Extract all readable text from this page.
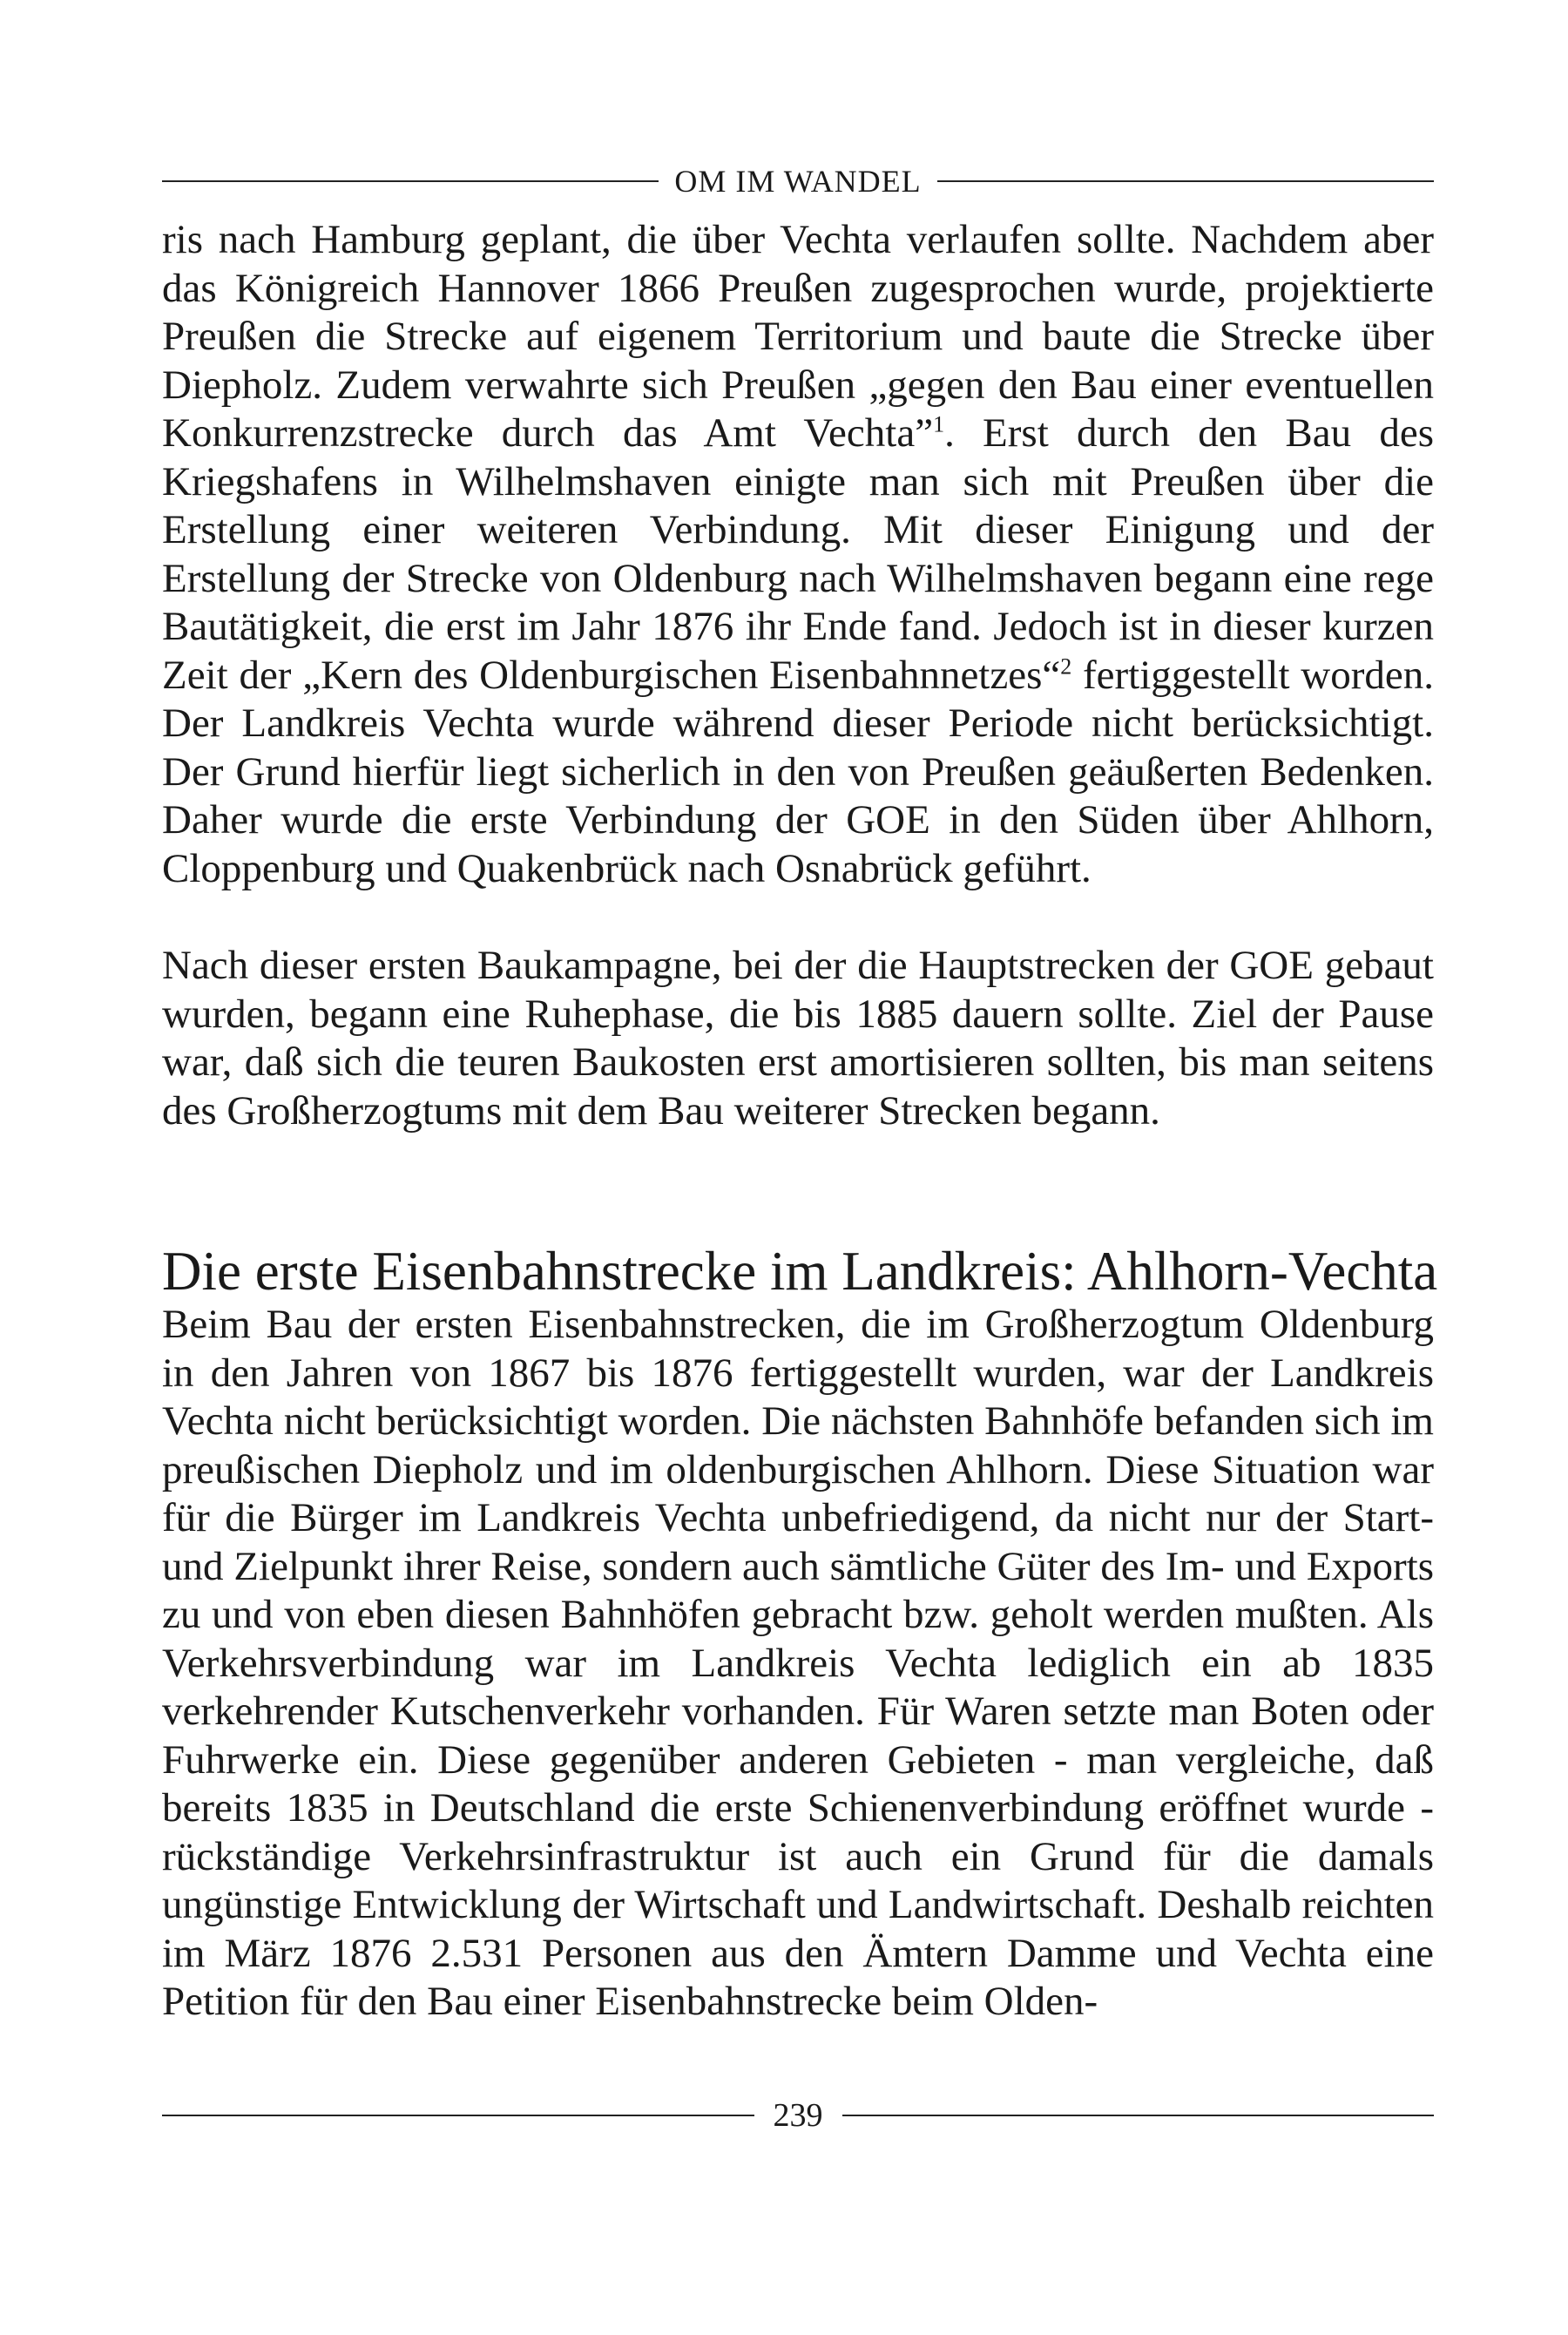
OM IM WANDEL

ris nach Hamburg geplant, die über Vechta verlaufen sollte. Nachdem aber das Königreich Hannover 1866 Preußen zugesprochen wurde, projektierte Preußen die Strecke auf eigenem Territorium und baute die Strecke über Diepholz. Zudem verwahrte sich Preußen „gegen den Bau einer eventuellen Konkurrenzstrecke durch das Amt Vechta”$^1$. Erst durch den Bau des Kriegshafens in Wilhelmshaven einigte man sich mit Preußen über die Erstellung einer weiteren Verbindung. Mit dieser Einigung und der Erstellung der Strecke von Oldenburg nach Wilhelmshaven begann eine rege Bautätigkeit, die erst im Jahr 1876 ihr Ende fand. Jedoch ist in dieser kurzen Zeit der „Kern des Oldenburgischen Eisenbahnnetzes“$^2$ fertiggestellt worden. Der Landkreis Vechta wurde während dieser Periode nicht berücksichtigt. Der Grund hierfür liegt sicherlich in den von Preußen geäußerten Bedenken. Daher wurde die erste Verbindung der GOE in den Süden über Ahlhorn, Cloppenburg und Quakenbrück nach Osnabrück geführt.

Nach dieser ersten Baukampagne, bei der die Hauptstrecken der GOE gebaut wurden, begann eine Ruhephase, die bis 1885 dauern sollte. Ziel der Pause war, daß sich die teuren Baukosten erst amortisieren sollten, bis man seitens des Großherzogtums mit dem Bau weiterer Strecken begann.

Die erste Eisenbahnstrecke im Landkreis: Ahlhorn-Vechta

Beim Bau der ersten Eisenbahnstrecken, die im Großherzogtum Oldenburg in den Jahren von 1867 bis 1876 fertiggestellt wurden, war der Landkreis Vechta nicht berücksichtigt worden. Die nächsten Bahnhöfe befanden sich im preußischen Diepholz und im oldenburgischen Ahlhorn. Diese Situation war für die Bürger im Landkreis Vechta unbefriedigend, da nicht nur der Start- und Zielpunkt ihrer Reise, sondern auch sämtliche Güter des Im- und Exports zu und von eben diesen Bahnhöfen gebracht bzw. geholt werden mußten. Als Verkehrsverbindung war im Landkreis Vechta lediglich ein ab 1835 verkehrender Kutschenverkehr vorhanden. Für Waren setzte man Boten oder Fuhrwerke ein. Diese gegenüber anderen Gebieten - man vergleiche, daß bereits 1835 in Deutschland die erste Schienenverbindung eröffnet wurde - rückständige Verkehrsinfrastruktur ist auch ein Grund für die damals ungünstige Entwicklung der Wirtschaft und Landwirtschaft. Deshalb reichten im März 1876 2.531 Personen aus den Ämtern Damme und Vechta eine Petition für den Bau einer Eisenbahnstrecke beim Olden-

239
